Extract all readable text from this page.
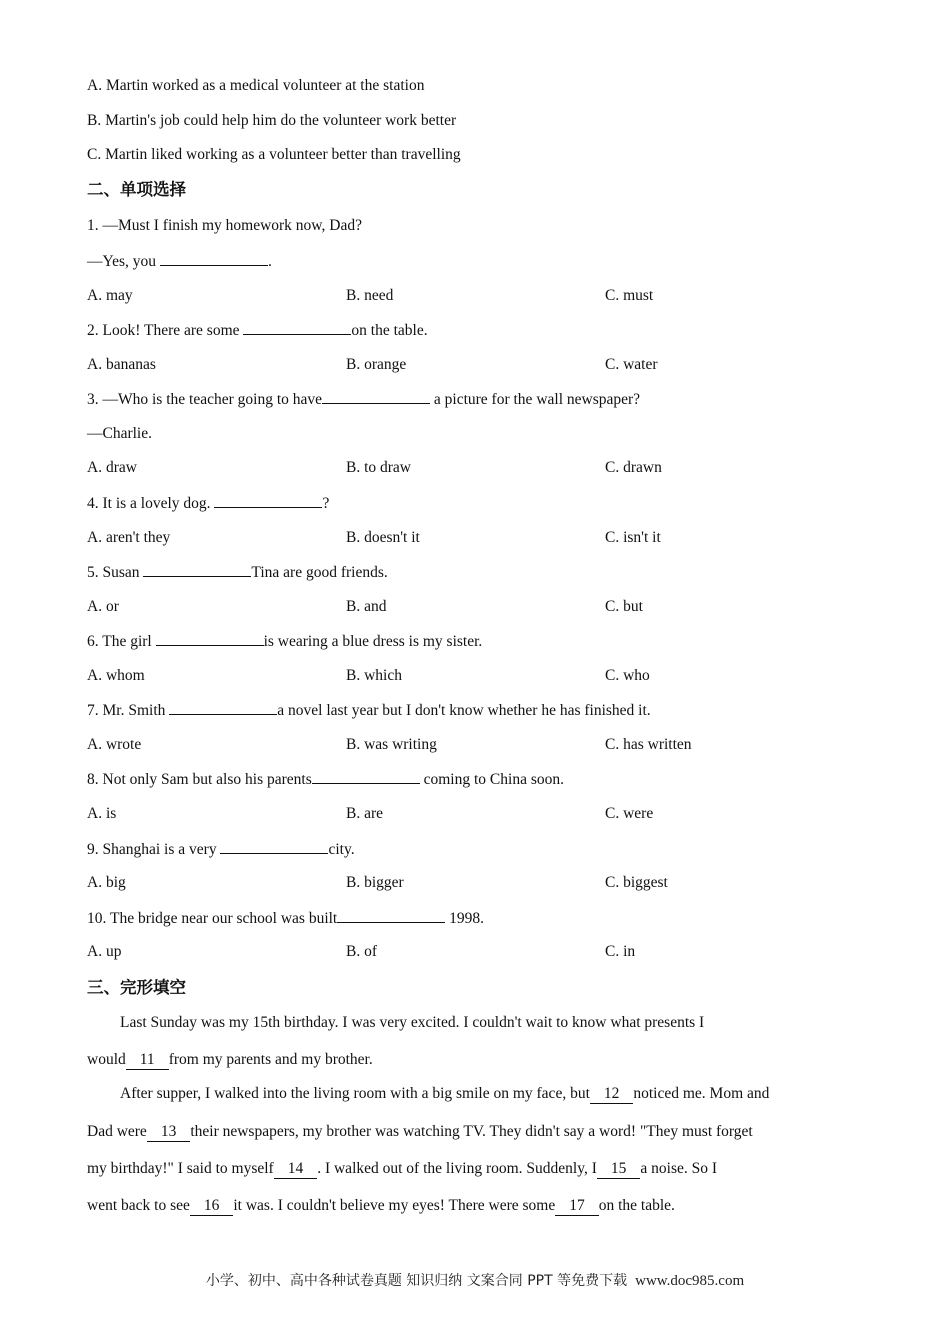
A. Martin worked as a medical volunteer at the station
B. Martin's job could help him do the volunteer work better
C. Martin liked working as a volunteer better than travelling
二、单项选择
1. —Must I finish my homework now, Dad?
—Yes, you	.
A. may	B. need	C. must
2. Look! There are some	on the table.
A. bananas	B. orange	C. water
3. —Who is the teacher going to have	a picture for the wall newspaper?
—Charlie.
A. draw	B. to draw	C. drawn
4. It is a lovely dog.	?
A. aren't they	B. doesn't it	C. isn't it
5. Susan	Tina are good friends.
A. or	B. and	C. but
6. The girl	is wearing a blue dress is my sister.
A. whom	B. which	C. who
7. Mr. Smith	a novel last year but I don't know whether he has finished it.
A. wrote	B. was writing	C. has written
8. Not only Sam but also his parents	coming to China soon.
A. is	B. are	C. were
9. Shanghai is a very	city.
A. big	B. bigger	C. biggest
10. The bridge near our school was built	1998.
A. up	B. of	C. in
三、完形填空
Last Sunday was my 15th birthday. I was very excited. I couldn't wait to know what presents I
would 11 from my parents and my brother.
After supper, I walked into the living room with a big smile on my face, but 12 noticed me. Mom and
Dad were 13 their newspapers, my brother was watching TV. They didn't say a word! "They must forget
my birthday!" I said to myself 14 . I walked out of the living room. Suddenly, I 15 a noise. So I
went back to see 16 it was. I couldn't believe my eyes! There were some 17 on the table.
小学、初中、高中各种试卷真题 知识归纳 文案合同 PPT 等免费下载 www.doc985.com
